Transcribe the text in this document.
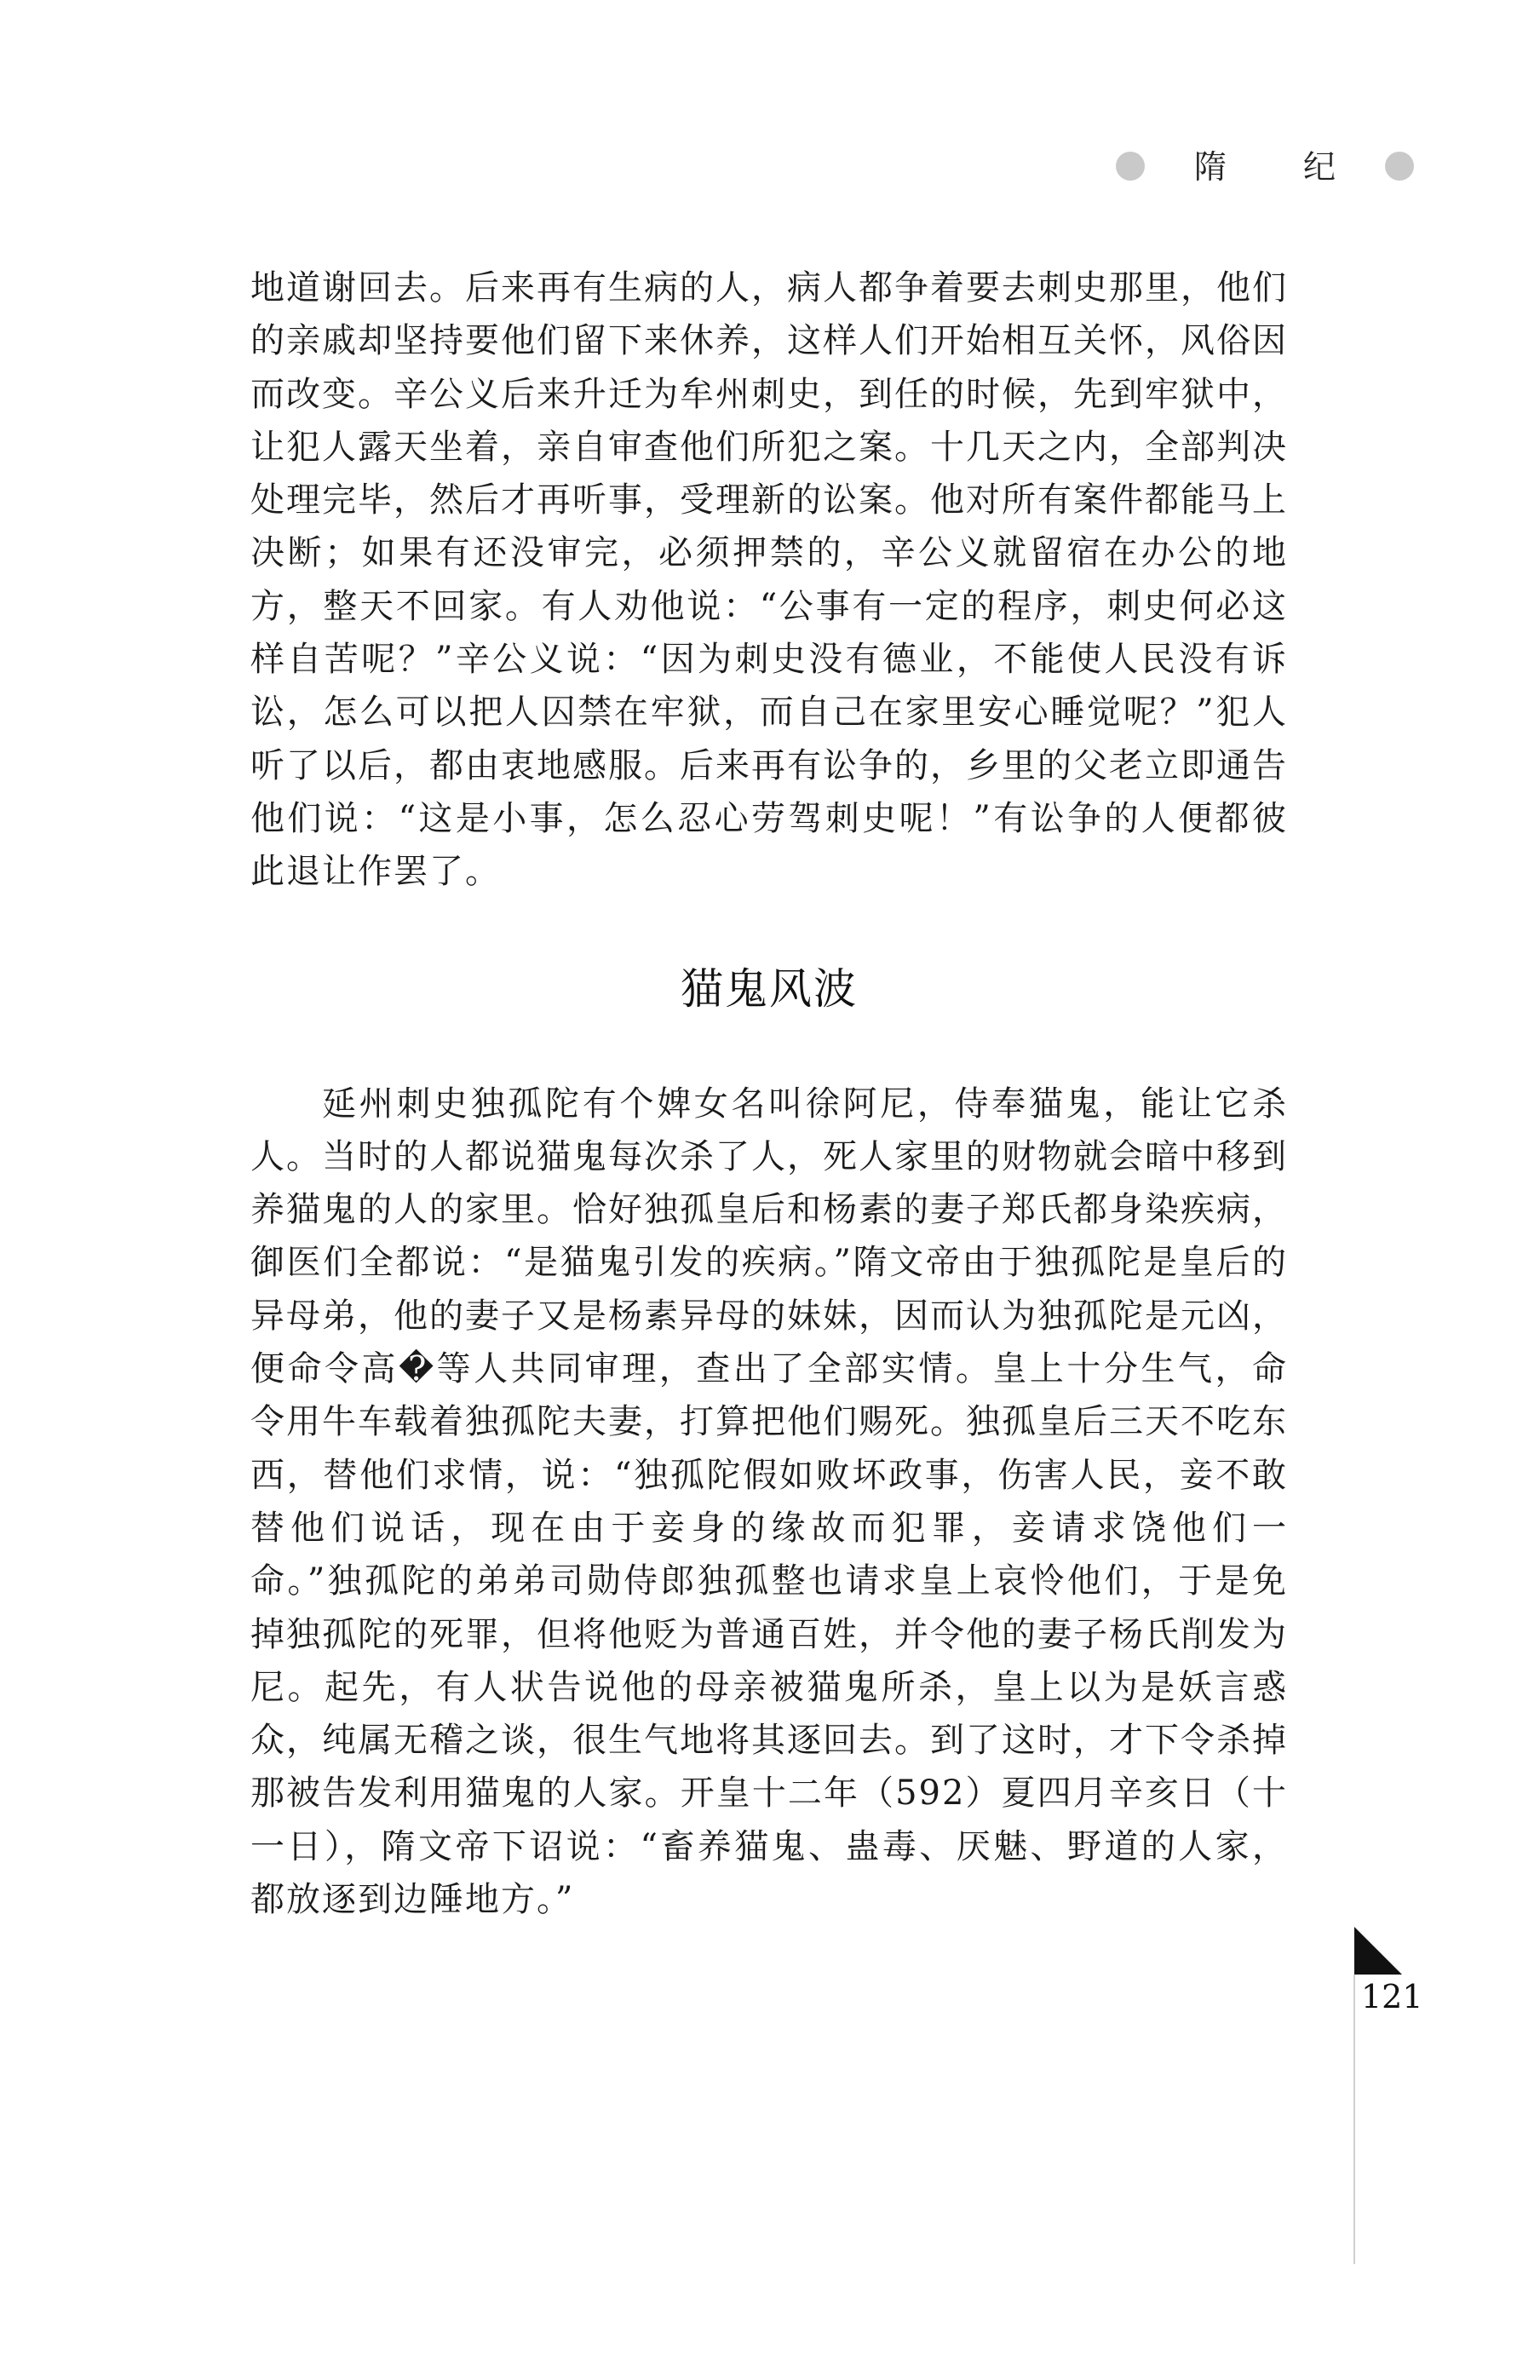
隋 纪

地道谢回去。后来再有生病的人，病人都争着要去刺史那里，他们的亲戚却坚持要他们留下来休养，这样人们开始相互关怀，风俗因而改变。辛公义后来升迁为牟州刺史，到任的时候，先到牢狱中，让犯人露天坐着，亲自审查他们所犯之案。十几天之内，全部判决处理完毕，然后才再听事，受理新的讼案。他对所有案件都能马上决断；如果有还没审完，必须押禁的，辛公义就留宿在办公的地方，整天不回家。有人劝他说：“公事有一定的程序，刺史何必这样自苦呢？”辛公义说：“因为刺史没有德业，不能使人民没有诉讼，怎么可以把人囚禁在牢狱，而自己在家里安心睡觉呢？”犯人听了以后，都由衷地感服。后来再有讼争的，乡里的父老立即通告他们说：“这是小事，怎么忍心劳驾刺史呢！”有讼争的人便都彼此退让作罢了。

猫鬼风波

延州刺史独孤陀有个婢女名叫徐阿尼，侍奉猫鬼，能让它杀人。当时的人都说猫鬼每次杀了人，死人家里的财物就会暗中移到养猫鬼的人的家里。恰好独孤皇后和杨素的妻子郑氏都身染疾病，御医们全都说：“是猫鬼引发的疾病。”隋文帝由于独孤陀是皇后的异母弟，他的妻子又是杨素异母的妹妹，因而认为独孤陀是元凶，便命令高�等人共同审理，查出了全部实情。皇上十分生气，命令用牛车载着独孤陀夫妻，打算把他们赐死。独孤皇后三天不吃东西，替他们求情，说：“独孤陀假如败坏政事，伤害人民，妾不敢替他们说话，现在由于妾身的缘故而犯罪，妾请求饶他们一命。”独孤陀的弟弟司勋侍郎独孤整也请求皇上哀怜他们，于是免掉独孤陀的死罪，但将他贬为普通百姓，并令他的妻子杨氏削发为尼。起先，有人状告说他的母亲被猫鬼所杀，皇上以为是妖言惑众，纯属无稽之谈，很生气地将其逐回去。到了这时，才下令杀掉那被告发利用猫鬼的人家。开皇十二年（592）夏四月辛亥日（十一日），隋文帝下诏说：“畜养猫鬼、蛊毒、厌魅、野道的人家，都放逐到边陲地方。”

121
